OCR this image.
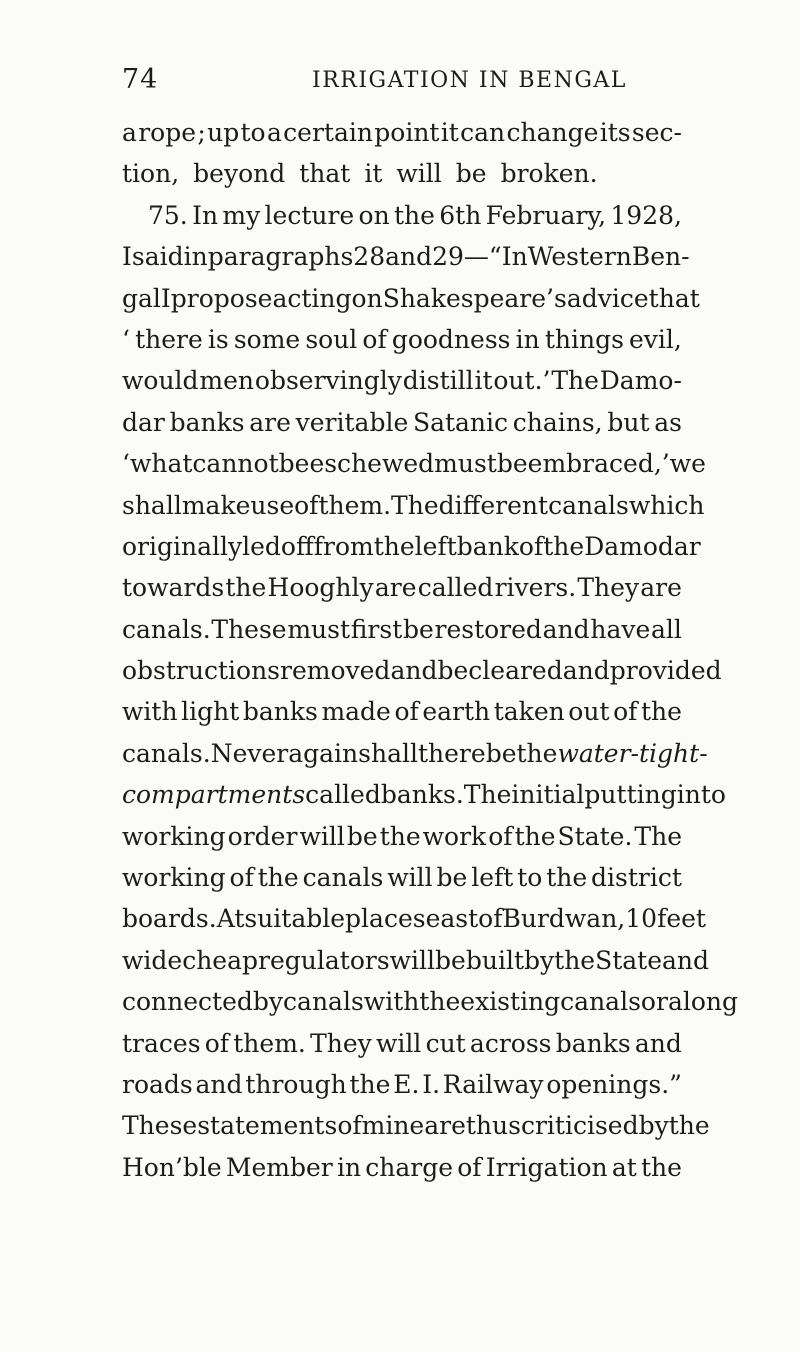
74	IRRIGATION IN BENGAL
a rope ; up to a certain point it can change its sec-
tion, beyond that it will be broken.
75. In my lecture on the 6th February, 1928,
I said in paragraphs 28 and 29—“ In Western Ben-
gal I propose acting on Shakespeare’s advice that
‘ there is some soul of goodness in things evil,
would men observingly distill it out.’ The Damo-
dar banks are veritable Satanic chains, but as
‘ what cannot be eschewed must be embraced,’ we
shall make use of them. The different canals which
originally led off from the left bank of the Damodar
towards the Hooghly are called rivers. They are
canals. These must first be restored and have all
obstructions removed and be cleared and provided
with light banks made of earth taken out of the
canals. Never again shall there be the water-tight-
compartments called banks. The initial putting into
working order will be the work of the State. The
working of the canals will be left to the district
boards. At suitable places east of Burdwan, 10 feet
wide cheap regulators will be built by the State and
connected by canals with the existing canals or along
traces of them. They will cut across banks and
roads and through the E. I. Railway openings.”
These statements of mine are thus criticised by the
Hon’ble Member in charge of Irrigation at the
